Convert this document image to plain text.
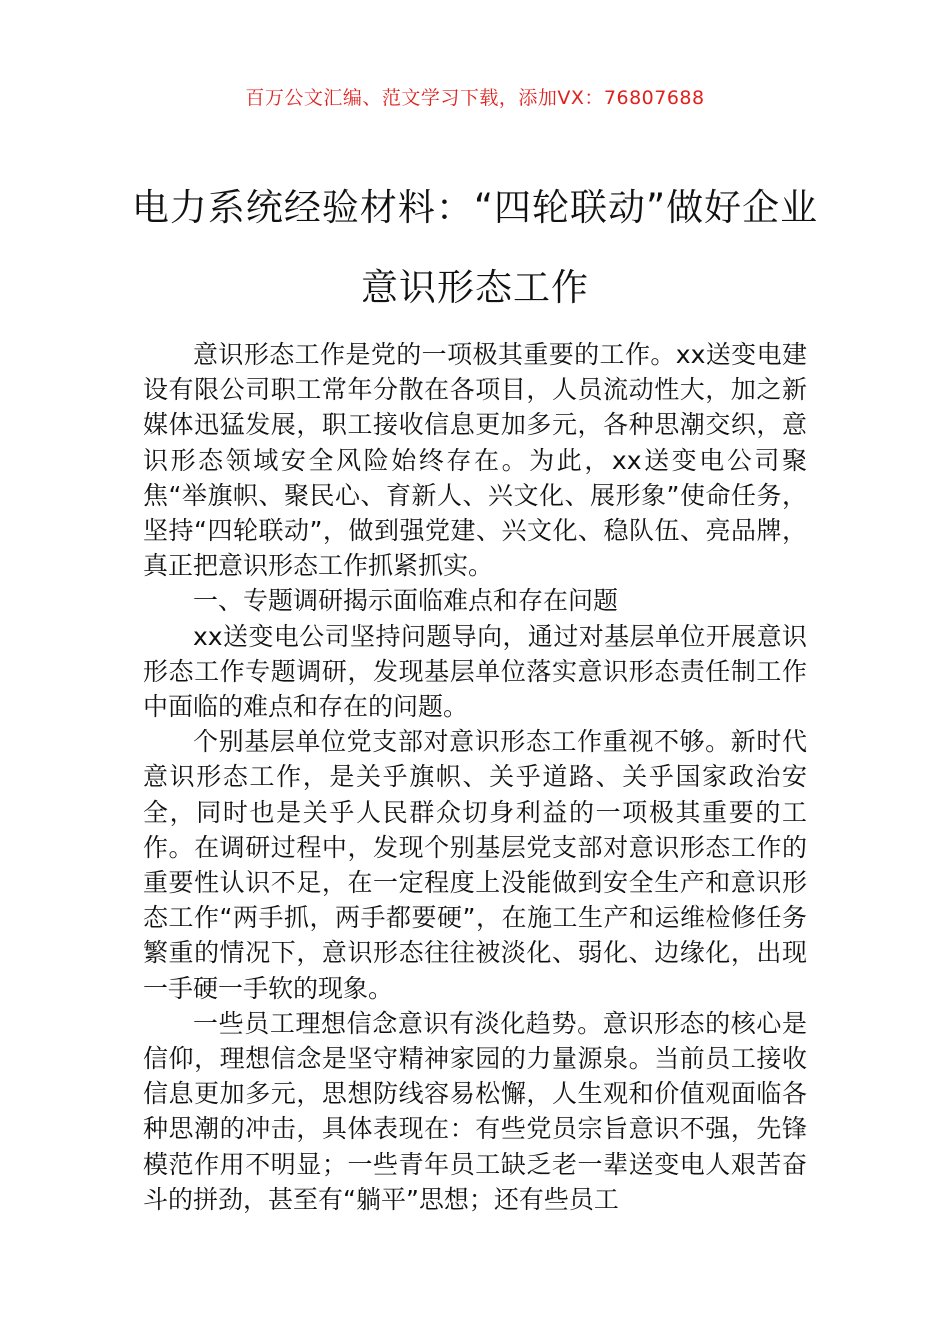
百万公文汇编、范文学习下载，添加VX：76807688
电力系统经验材料：“四轮联动”做好企业意识形态工作

意识形态工作是党的一项极其重要的工作。xx送变电建设有限公司职工常年分散在各项目，人员流动性大，加之新媒体迅猛发展，职工接收信息更加多元，各种思潮交织，意识形态领域安全风险始终存在。为此，xx送变电公司聚焦“举旗帜、聚民心、育新人、兴文化、展形象”使命任务，坚持“四轮联动”，做到强党建、兴文化、稳队伍、亮品牌，真正把意识形态工作抓紧抓实。

一、专题调研揭示面临难点和存在问题

xx送变电公司坚持问题导向，通过对基层单位开展意识形态工作专题调研，发现基层单位落实意识形态责任制工作中面临的难点和存在的问题。

个别基层单位党支部对意识形态工作重视不够。新时代意识形态工作，是关乎旗帜、关乎道路、关乎国家政治安全，同时也是关乎人民群众切身利益的一项极其重要的工作。在调研过程中，发现个别基层党支部对意识形态工作的重要性认识不足，在一定程度上没能做到安全生产和意识形态工作“两手抓，两手都要硬”，在施工生产和运维检修任务繁重的情况下，意识形态往往被淡化、弱化、边缘化，出现一手硬一手软的现象。

一些员工理想信念意识有淡化趋势。意识形态的核心是信仰，理想信念是坚守精神家园的力量源泉。当前员工接收信息更加多元，思想防线容易松懈，人生观和价值观面临各种思潮的冲击，具体表现在：有些党员宗旨意识不强，先锋模范作用不明显；一些青年员工缺乏老一辈送变电人艰苦奋斗的拼劲，甚至有“躺平”思想；还有些员工
